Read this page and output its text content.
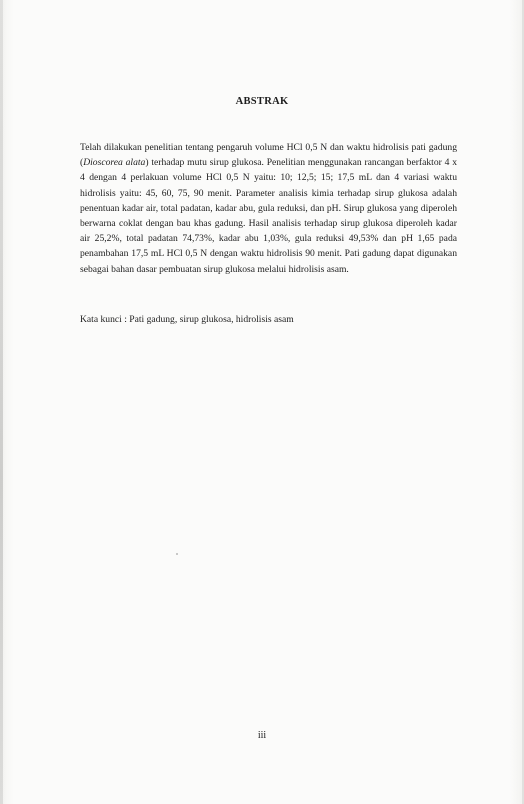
ABSTRAK

Telah dilakukan penelitian tentang pengaruh volume HCl 0,5 N dan waktu hidrolisis pati gadung (Dioscorea alata) terhadap mutu sirup glukosa. Penelitian menggunakan rancangan berfaktor 4 x 4 dengan 4 perlakuan volume HCl 0,5 N yaitu: 10; 12,5; 15; 17,5 mL dan 4 variasi waktu hidrolisis yaitu: 45, 60, 75, 90 menit. Parameter analisis kimia terhadap sirup glukosa adalah penentuan kadar air, total padatan, kadar abu, gula reduksi, dan pH. Sirup glukosa yang diperoleh berwarna coklat dengan bau khas gadung. Hasil analisis terhadap sirup glukosa diperoleh kadar air 25,2%, total padatan 74,73%, kadar abu 1,03%, gula reduksi 49,53% dan pH 1,65 pada penambahan 17,5 mL HCl 0,5 N dengan waktu hidrolisis 90 menit. Pati gadung dapat digunakan sebagai bahan dasar pembuatan sirup glukosa melalui hidrolisis asam.

Kata kunci : Pati gadung, sirup glukosa, hidrolisis asam

iii
